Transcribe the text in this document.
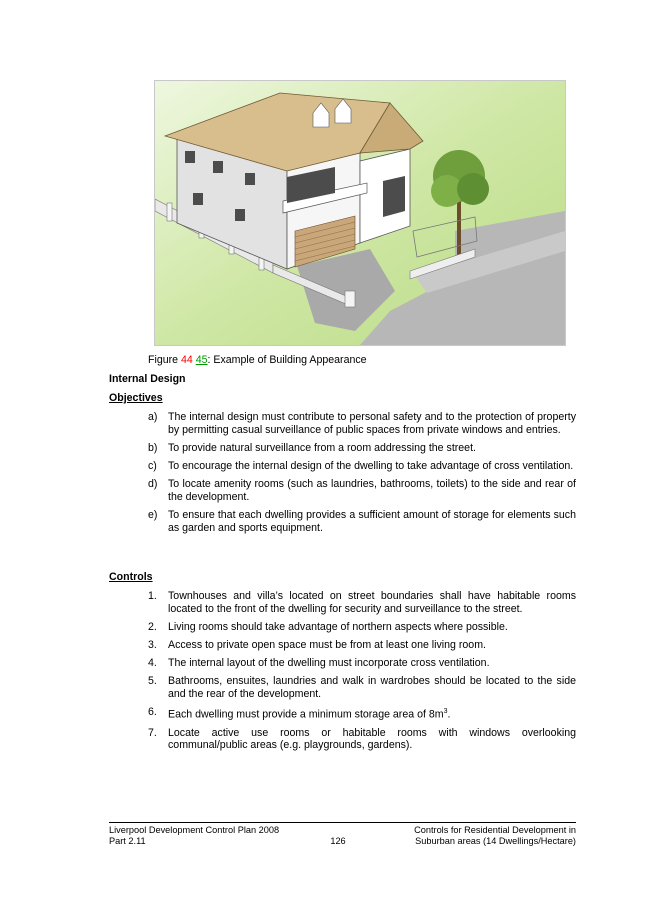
Figure 44 45: Example of Building Appearance
Internal Design
Objectives
a) The internal design must contribute to personal safety and to the protection of property by permitting casual surveillance of public spaces from private windows and entries.
b) To provide natural surveillance from a room addressing the street.
c) To encourage the internal design of the dwelling to take advantage of cross ventilation.
d) To locate amenity rooms (such as laundries, bathrooms, toilets) to the side and rear of the development.
e) To ensure that each dwelling provides a sufficient amount of storage for elements such as garden and sports equipment.
Controls
1. Townhouses and villa’s located on street boundaries shall have habitable rooms located to the front of the dwelling for security and surveillance to the street.
2. Living rooms should take advantage of northern aspects where possible.
3. Access to private open space must be from at least one living room.
4. The internal layout of the dwelling must incorporate cross ventilation.
5. Bathrooms, ensuites, laundries and walk in wardrobes should be located to the side and the rear of the development.
6. Each dwelling must provide a minimum storage area of $8m^3$.
7. Locate active use rooms or habitable rooms with windows overlooking communal/public areas (e.g. playgrounds, gardens).
Liverpool Development Control Plan 2008
Part 2.11	126
Controls for Residential Development in
Suburban areas (14 Dwellings/Hectare)
